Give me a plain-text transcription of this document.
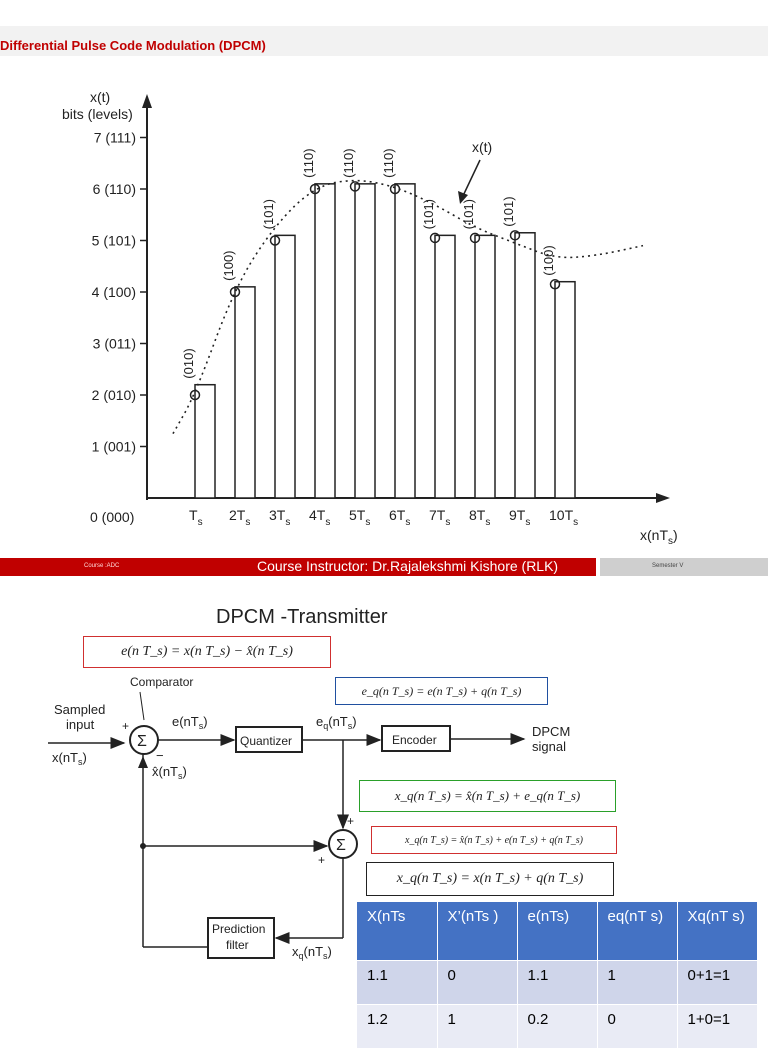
Differential Pulse Code Modulation (DPCM)
x(t)
bits (levels)
0 (000)
$x(nT_s)$
x(t)
1 (001)
2 (010)
3 (011)
4 (100)
5 (101)
6 (110)
7 (111)
(010)
$T_s$
(100)
$2T_s$
(101)
$3T_s$
(110)
$4T_s$
(110)
$5T_s$
(110)
$6T_s$
(101)
$7T_s$
(101)
$8T_s$
(101)
$9T_s$
(100)
$10T_s$
Course :ADC	Course Instructor: Dr.Rajalekshmi Kishore (RLK)	Semester V
DPCM -Transmitter
e(n T_s) = x(n T_s) − x̂(n T_s)
e_q(n T_s) = e(n T_s) + q(n T_s)
x_q(n T_s) = x̂(n T_s) + e_q(n T_s)
x_q(n T_s) = x̂(n T_s) + e(n T_s) + q(n T_s)
x_q(n T_s) = x(n T_s) + q(n T_s)
Comparator
Sampled
input
$x(nT_s)$
Σ
+
−
$e(nT_s)$
Quantizer
$e_q(nT_s)$
Encoder
DPCM
signal
Σ
+
+
$x̂(nT_s)$
Prediction
filter	$x_q(nT_s)$
X(nTs	X’(nTs )	e(nTs)	eq(nT s)	Xq(nT s)
1.1	0	1.1	1	0+1=1
1.2	1	0.2	0	1+0=1
